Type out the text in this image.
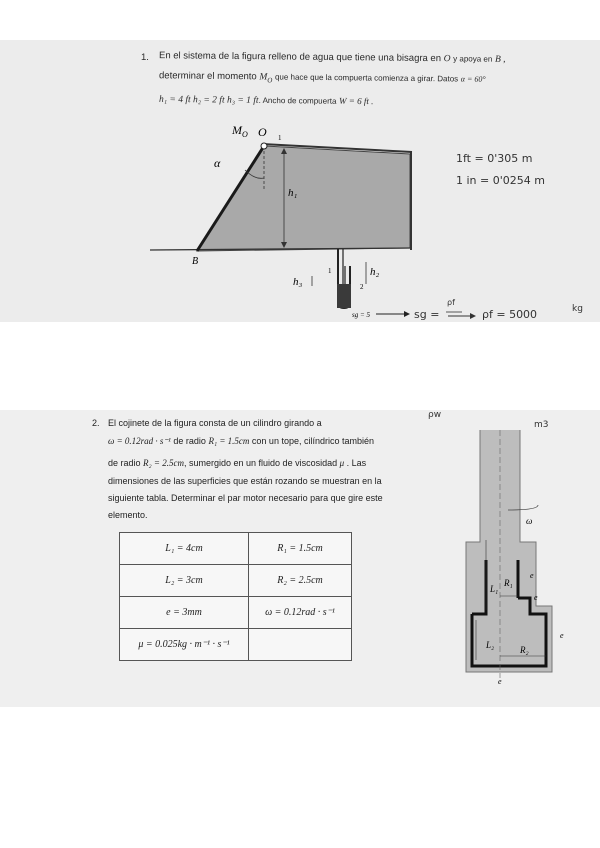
M O O 1
α
h₁
B
h₃
h₂
1
2
sg = 5
1. En el sistema de la figura relleno de agua que tiene una bisagra en O y apoya en B ,
determinar el momento $M_O$ que hace que la compuerta comienza a girar. Datos α = 60°
h₁ = 4 ft h₂ = 2 ft h₃ = 1 ft. Ancho de compuerta W = 6 ft .
1ft = 0'305 m
1 in = 0'0254 m
sg =
ρf
ρf = 5000	kg
ρw
m3
ω
e
e
e
e
L₁
R₁
L₂	R₂
2. El cojinete de la figura consta de un cilindro girando a
ω = 0.12rad · s⁻¹ de radio R₁ = 1.5cm con un tope, cilíndrico también
de radio R₂ = 2.5cm, sumergido en un fluido de viscosidad μ . Las
dimensiones de las superficies que están rozando se muestran en la
siguiente tabla. Determinar el par motor necesario para que gire este
elemento.
L₁ = 4cm	R₁ = 1.5cm
L₂ = 3cm	R₂ = 2.5cm
e = 3mm	ω = 0.12rad · s⁻¹
μ = 0.025kg · m⁻¹ · s⁻¹	
